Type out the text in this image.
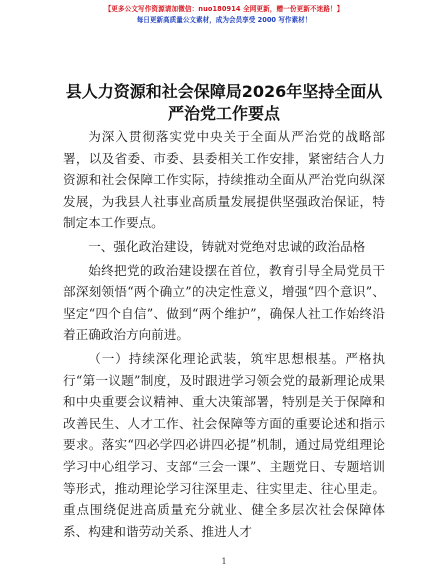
【更多公文写作资源请加微信：nuo180914 全网更新，赠一份更新不迷路！】
每日更新高质量公文素材，成为会员享受 2000 写作素材！
县人力资源和社会保障局2026年坚持全面从严治党工作要点

为深入贯彻落实党中央关于全面从严治党的战略部署，以及省委、市委、县委相关工作安排，紧密结合人力资源和社会保障工作实际，持续推动全面从严治党向纵深发展，为我县人社事业高质量发展提供坚强政治保证，特制定本工作要点。

一、强化政治建设，铸就对党绝对忠诚的政治品格

始终把党的政治建设摆在首位，教育引导全局党员干部深刻领悟“两个确立”的决定性意义，增强“四个意识”、坚定“四个自信”、做到“两个维护”，确保人社工作始终沿着正确政治方向前进。

（一）持续深化理论武装，筑牢思想根基。严格执行“第一议题”制度，及时跟进学习领会党的最新理论成果和中央重要会议精神、重大决策部署，特别是关于保障和改善民生、人才工作、社会保障等方面的重要论述和指示要求。落实“四必学四必讲四必提”机制，通过局党组理论学习中心组学习、支部“三会一课”、主题党日、专题培训等形式，推动理论学习往深里走、往实里走、往心里走。重点围绕促进高质量充分就业、健全多层次社会保障体系、构建和谐劳动关系、推进人才

1
